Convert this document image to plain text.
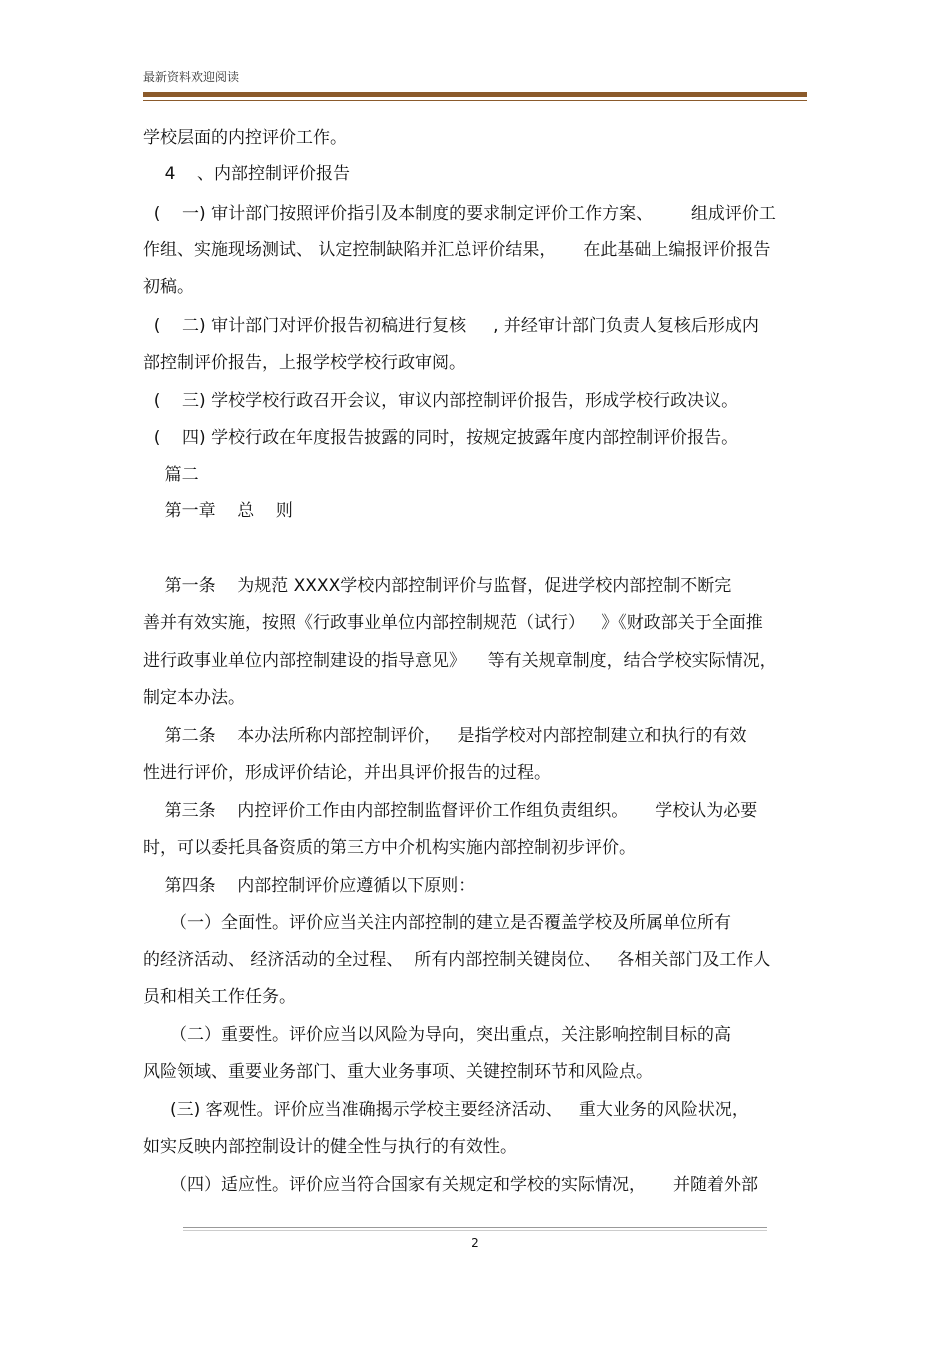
最新资料欢迎阅读
学校层面的内控评价工作。
4    、内部控制评价报告
(    一) 审计部门按照评价指引及本制度的要求制定评价工作方案、       组成评价工
作组、实施现场测试、 认定控制缺陷并汇总评价结果，     在此基础上编报评价报告
初稿。
(    二) 审计部门对评价报告初稿进行复核     , 并经审计部门负责人复核后形成内
部控制评价报告，上报学校学校行政审阅。
(    三) 学校学校行政召开会议，审议内部控制评价报告，形成学校行政决议。
(    四) 学校行政在年度报告披露的同时，按规定披露年度内部控制评价报告。
篇二
第一章    总    则
第一条    为规范 XXXX学校内部控制评价与监督，促进学校内部控制不断完
善并有效实施，按照《行政事业单位内部控制规范（试行）   》《财政部关于全面推
进行政事业单位内部控制建设的指导意见》    等有关规章制度，结合学校实际情况，
制定本办法。
第二条    本办法所称内部控制评价，   是指学校对内部控制建立和执行的有效
性进行评价，形成评价结论，并出具评价报告的过程。
第三条    内控评价工作由内部控制监督评价工作组负责组织。     学校认为必要
时，可以委托具备资质的第三方中介机构实施内部控制初步评价。
第四条    内部控制评价应遵循以下原则：
（一）全面性。评价应当关注内部控制的建立是否覆盖学校及所属单位所有
的经济活动、 经济活动的全过程、  所有内部控制关键岗位、   各相关部门及工作人
员和相关工作任务。
（二）重要性。评价应当以风险为导向，突出重点，关注影响控制目标的高
风险领域、重要业务部门、重大业务事项、关键控制环节和风险点。
(三) 客观性。评价应当准确揭示学校主要经济活动、   重大业务的风险状况，
如实反映内部控制设计的健全性与执行的有效性。
（四）适应性。评价应当符合国家有关规定和学校的实际情况，     并随着外部
2
